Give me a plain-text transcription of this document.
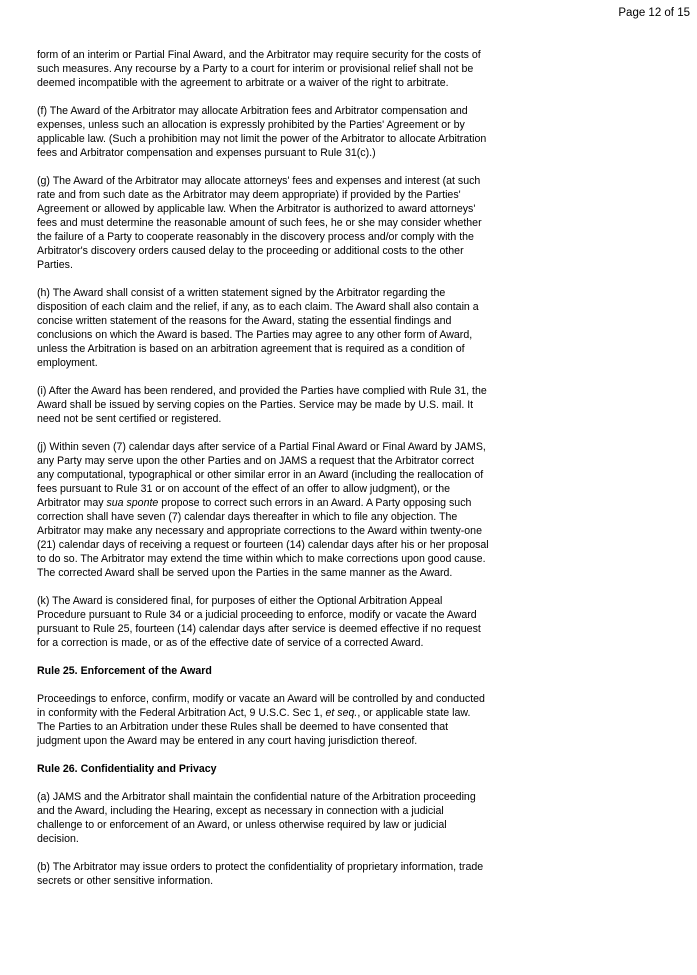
Page 12 of 15

form of an interim or Partial Final Award, and the Arbitrator may require security for the costs of such measures. Any recourse by a Party to a court for interim or provisional relief shall not be deemed incompatible with the agreement to arbitrate or a waiver of the right to arbitrate.

(f) The Award of the Arbitrator may allocate Arbitration fees and Arbitrator compensation and expenses, unless such an allocation is expressly prohibited by the Parties' Agreement or by applicable law. (Such a prohibition may not limit the power of the Arbitrator to allocate Arbitration fees and Arbitrator compensation and expenses pursuant to Rule 31(c).)

(g) The Award of the Arbitrator may allocate attorneys' fees and expenses and interest (at such rate and from such date as the Arbitrator may deem appropriate) if provided by the Parties' Agreement or allowed by applicable law. When the Arbitrator is authorized to award attorneys' fees and must determine the reasonable amount of such fees, he or she may consider whether the failure of a Party to cooperate reasonably in the discovery process and/or comply with the Arbitrator's discovery orders caused delay to the proceeding or additional costs to the other Parties.

(h) The Award shall consist of a written statement signed by the Arbitrator regarding the disposition of each claim and the relief, if any, as to each claim. The Award shall also contain a concise written statement of the reasons for the Award, stating the essential findings and conclusions on which the Award is based. The Parties may agree to any other form of Award, unless the Arbitration is based on an arbitration agreement that is required as a condition of employment.

(i) After the Award has been rendered, and provided the Parties have complied with Rule 31, the Award shall be issued by serving copies on the Parties. Service may be made by U.S. mail. It need not be sent certified or registered.

(j) Within seven (7) calendar days after service of a Partial Final Award or Final Award by JAMS, any Party may serve upon the other Parties and on JAMS a request that the Arbitrator correct any computational, typographical or other similar error in an Award (including the reallocation of fees pursuant to Rule 31 or on account of the effect of an offer to allow judgment), or the Arbitrator may sua sponte propose to correct such errors in an Award. A Party opposing such correction shall have seven (7) calendar days thereafter in which to file any objection. The Arbitrator may make any necessary and appropriate corrections to the Award within twenty-one (21) calendar days of receiving a request or fourteen (14) calendar days after his or her proposal to do so. The Arbitrator may extend the time within which to make corrections upon good cause. The corrected Award shall be served upon the Parties in the same manner as the Award.

(k) The Award is considered final, for purposes of either the Optional Arbitration Appeal Procedure pursuant to Rule 34 or a judicial proceeding to enforce, modify or vacate the Award pursuant to Rule 25, fourteen (14) calendar days after service is deemed effective if no request for a correction is made, or as of the effective date of service of a corrected Award.

Rule 25. Enforcement of the Award

Proceedings to enforce, confirm, modify or vacate an Award will be controlled by and conducted in conformity with the Federal Arbitration Act, 9 U.S.C. Sec 1, et seq., or applicable state law. The Parties to an Arbitration under these Rules shall be deemed to have consented that judgment upon the Award may be entered in any court having jurisdiction thereof.

Rule 26. Confidentiality and Privacy

(a) JAMS and the Arbitrator shall maintain the confidential nature of the Arbitration proceeding and the Award, including the Hearing, except as necessary in connection with a judicial challenge to or enforcement of an Award, or unless otherwise required by law or judicial decision.

(b) The Arbitrator may issue orders to protect the confidentiality of proprietary information, trade secrets or other sensitive information.
